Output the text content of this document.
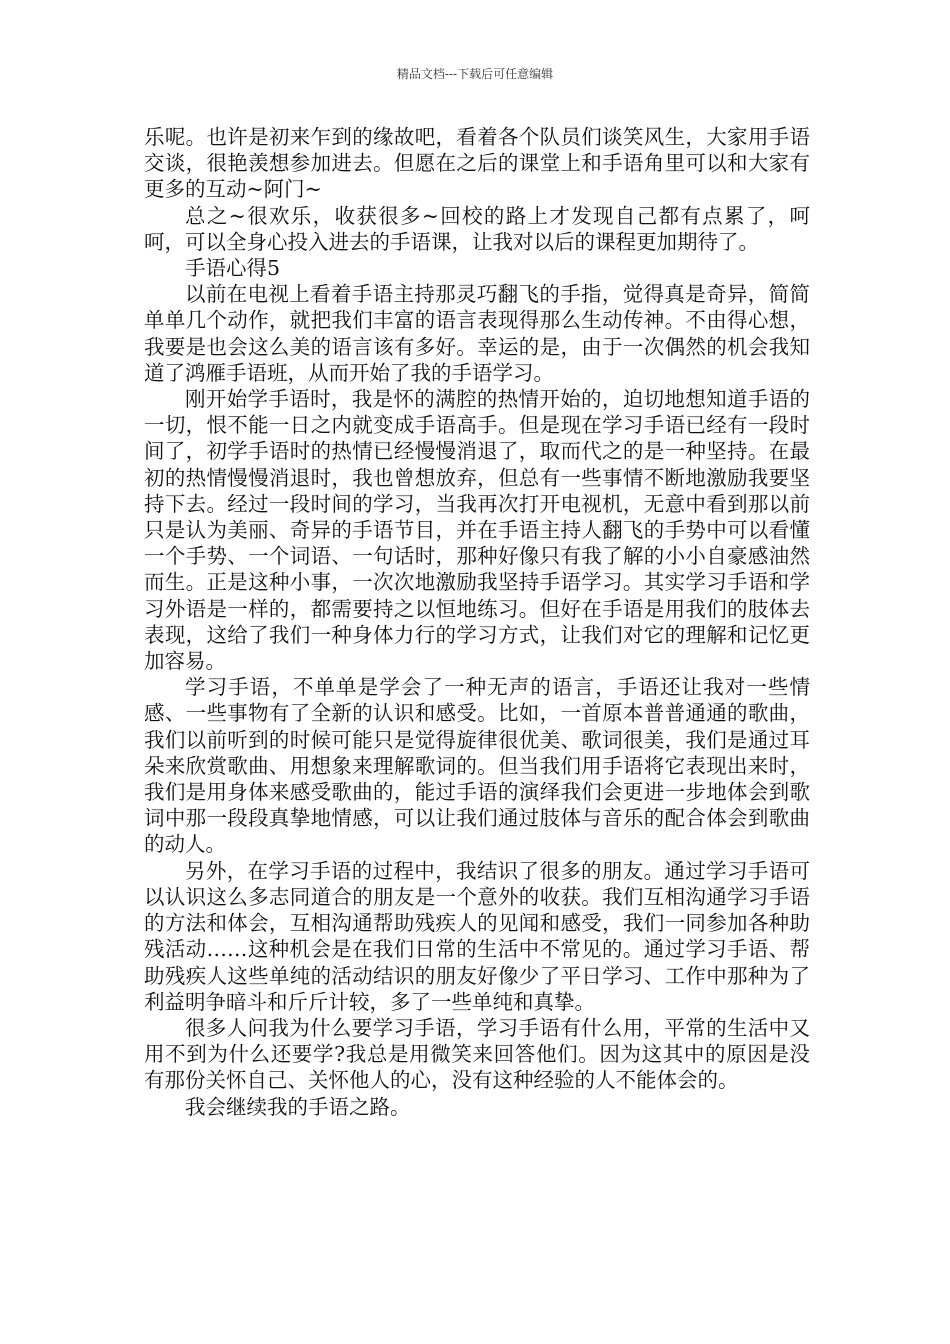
精品文档---下载后可任意编辑

乐呢。也许是初来乍到的缘故吧，看着各个队员们谈笑风生，大家用手语交谈，很艳羡想参加进去。但愿在之后的课堂上和手语角里可以和大家有更多的互动~阿门~

总之~很欢乐，收获很多~回校的路上才发现自己都有点累了，呵呵，可以全身心投入进去的手语课，让我对以后的课程更加期待了。

手语心得5

以前在电视上看着手语主持那灵巧翻飞的手指，觉得真是奇异，简简单单几个动作，就把我们丰富的语言表现得那么生动传神。不由得心想，我要是也会这么美的语言该有多好。幸运的是，由于一次偶然的机会我知道了鸿雁手语班，从而开始了我的手语学习。

刚开始学手语时，我是怀的满腔的热情开始的，迫切地想知道手语的一切，恨不能一日之内就变成手语高手。但是现在学习手语已经有一段时间了，初学手语时的热情已经慢慢消退了，取而代之的是一种坚持。在最初的热情慢慢消退时，我也曾想放弃，但总有一些事情不断地激励我要坚持下去。经过一段时间的学习，当我再次打开电视机，无意中看到那以前只是认为美丽、奇异的手语节目，并在手语主持人翻飞的手势中可以看懂一个手势、一个词语、一句话时，那种好像只有我了解的小小自豪感油然而生。正是这种小事，一次次地激励我坚持手语学习。其实学习手语和学习外语是一样的，都需要持之以恒地练习。但好在手语是用我们的肢体去表现，这给了我们一种身体力行的学习方式，让我们对它的理解和记忆更加容易。

学习手语，不单单是学会了一种无声的语言，手语还让我对一些情感、一些事物有了全新的认识和感受。比如，一首原本普普通通的歌曲，我们以前听到的时候可能只是觉得旋律很优美、歌词很美，我们是通过耳朵来欣赏歌曲、用想象来理解歌词的。但当我们用手语将它表现出来时，我们是用身体来感受歌曲的，能过手语的演绎我们会更进一步地体会到歌词中那一段段真挚地情感，可以让我们通过肢体与音乐的配合体会到歌曲的动人。

另外，在学习手语的过程中，我结识了很多的朋友。通过学习手语可以认识这么多志同道合的朋友是一个意外的收获。我们互相沟通学习手语的方法和体会，互相沟通帮助残疾人的见闻和感受，我们一同参加各种助残活动……这种机会是在我们日常的生活中不常见的。通过学习手语、帮助残疾人这些单纯的活动结识的朋友好像少了平日学习、工作中那种为了利益明争暗斗和斤斤计较，多了一些单纯和真挚。

很多人问我为什么要学习手语，学习手语有什么用，平常的生活中又用不到为什么还要学?我总是用微笑来回答他们。因为这其中的原因是没有那份关怀自己、关怀他人的心，没有这种经验的人不能体会的。

我会继续我的手语之路。
